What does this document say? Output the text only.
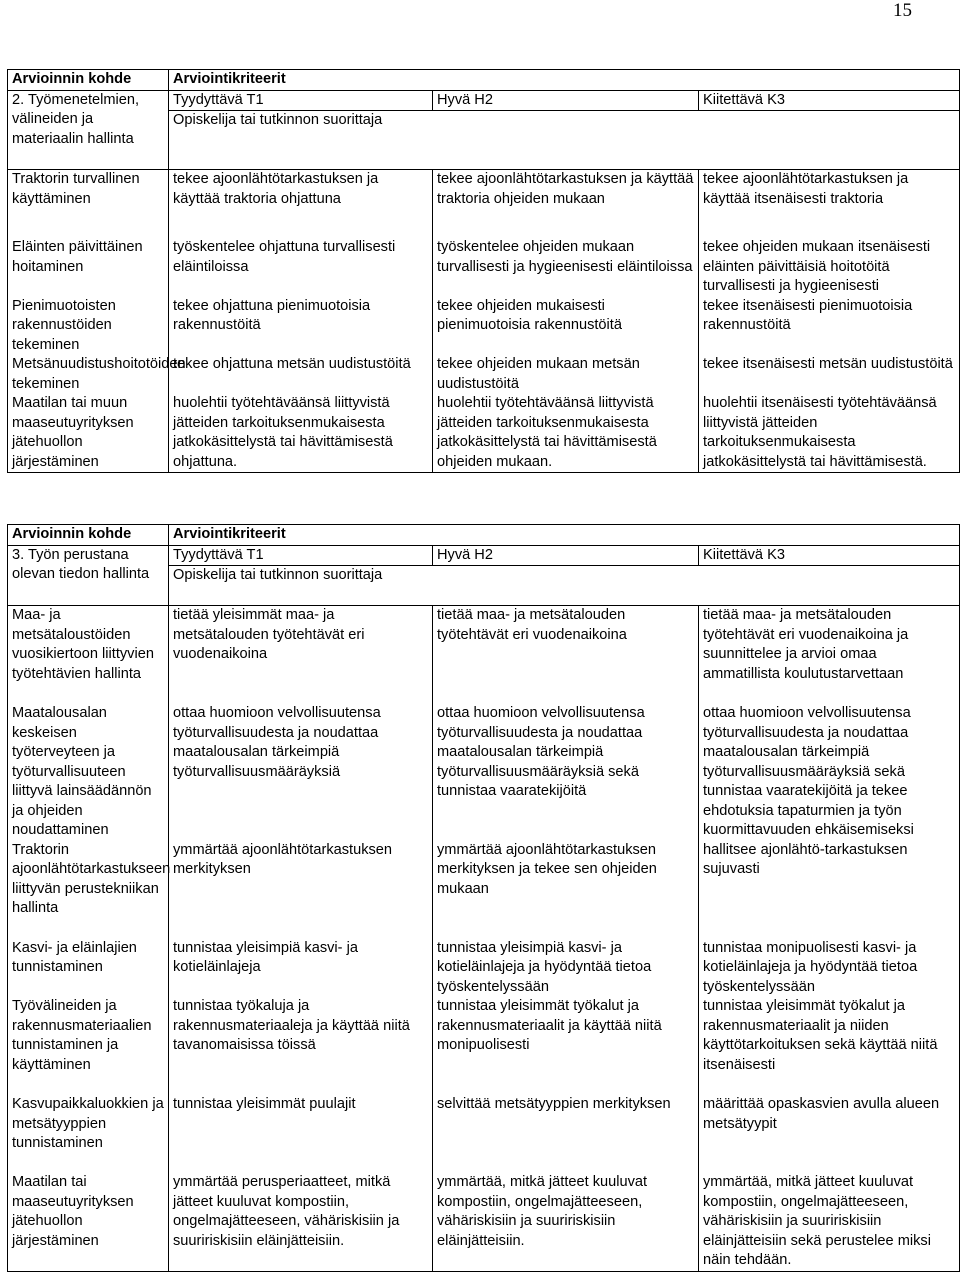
15
Arvioinnin kohde	Arviointikriteerit		
2. Työmenetelmien, välineiden ja materiaalin hallinta	Tyydyttävä T1	Hyvä H2	Kiitettävä K3
	Opiskelija tai tutkinnon suorittaja		
Traktorin turvallinen käyttäminen	tekee ajoonlähtötarkastuksen ja käyttää traktoria ohjattuna	tekee ajoonlähtötarkastuksen ja käyttää traktoria ohjeiden mukaan	tekee ajoonlähtötarkastuksen ja käyttää itsenäisesti traktoria

Eläinten päivittäinen hoitaminen	työskentelee ohjattuna turvallisesti eläintiloissa	työskentelee ohjeiden mukaan turvallisesti ja hygieenisesti eläintiloissa	tekee ohjeiden mukaan itsenäisesti eläinten päivittäisiä hoitotöitä turvallisesti ja hygieenisesti
Pienimuotoisten rakennustöiden tekeminen	tekee ohjattuna pienimuotoisia rakennustöitä	tekee ohjeiden mukaisesti pienimuotoisia rakennustöitä	tekee itsenäisesti pienimuotoisia rakennustöitä
Metsänuudistushoitotöiden tekeminen	tekee ohjattuna metsän uudistustöitä	tekee ohjeiden mukaan metsän uudistustöitä	tekee itsenäisesti metsän uudistustöitä
Maatilan tai muun maaseutuyrityksen jätehuollon järjestäminen	huolehtii työtehtäväänsä liittyvistä jätteiden tarkoituksenmukaisesta jatkokäsittelystä tai hävittämisestä ohjattuna.	huolehtii työtehtäväänsä liittyvistä jätteiden tarkoituksenmukaisesta jatkokäsittelystä tai hävittämisestä ohjeiden mukaan.	huolehtii itsenäisesti työtehtäväänsä liittyvistä jätteiden tarkoituksenmukaisesta jatkokäsittelystä tai hävittämisestä.
Arvioinnin kohde	Arviointikriteerit		
3. Työn perustana olevan tiedon hallinta	Tyydyttävä T1	Hyvä H2	Kiitettävä K3
	Opiskelija tai tutkinnon suorittaja		
Maa- ja metsätaloustöiden vuosikiertoon liittyvien työtehtävien hallinta	tietää yleisimmät maa- ja metsätalouden työtehtävät eri vuodenaikoina	tietää maa- ja metsätalouden työtehtävät eri vuodenaikoina	tietää maa- ja metsätalouden työtehtävät eri vuodenaikoina ja suunnittelee ja arvioi omaa ammatillista koulutustarvettaan
Maatalousalan keskeisen työterveyteen ja työturvallisuuteen liittyvä lainsäädännön ja ohjeiden noudattaminen	ottaa huomioon velvollisuutensa työturvallisuudesta ja noudattaa maatalousalan tärkeimpiä työturvallisuusmääräyksiä	ottaa huomioon velvollisuutensa työturvallisuudesta ja noudattaa maatalousalan tärkeimpiä työturvallisuusmääräyksiä sekä tunnistaa vaaratekijöitä	ottaa huomioon velvollisuutensa työturvallisuudesta ja noudattaa maatalousalan tärkeimpiä työturvallisuusmääräyksiä sekä tunnistaa vaaratekijöitä ja tekee ehdotuksia tapaturmien ja työn kuormittavuuden ehkäisemiseksi
Traktorin ajoonlähtötarkastukseen liittyvän perustekniikan hallinta	ymmärtää ajoonlähtötarkastuksen merkityksen	ymmärtää ajoonlähtötarkastuksen merkityksen ja tekee sen ohjeiden mukaan	hallitsee ajonlähtö-tarkastuksen sujuvasti
Kasvi- ja eläinlajien tunnistaminen	tunnistaa yleisimpiä kasvi- ja kotieläinlajeja	tunnistaa yleisimpiä kasvi- ja kotieläinlajeja ja hyödyntää tietoa työskentelyssään	tunnistaa monipuolisesti kasvi- ja kotieläinlajeja ja hyödyntää tietoa työskentelyssään
Työvälineiden ja rakennusmateriaalien tunnistaminen ja käyttäminen	tunnistaa työkaluja ja rakennusmateriaaleja ja käyttää niitä tavanomaisissa töissä	tunnistaa yleisimmät työkalut ja rakennusmateriaalit ja käyttää niitä monipuolisesti	tunnistaa yleisimmät työkalut ja rakennusmateriaalit ja niiden käyttötarkoituksen sekä käyttää niitä itsenäisesti
Kasvupaikkaluokkien ja metsätyyppien tunnistaminen	tunnistaa yleisimmät puulajit	selvittää metsätyyppien merkityksen	määrittää opaskasvien avulla alueen metsätyypit
Maatilan tai maaseutuyrityksen jätehuollon järjestäminen	ymmärtää perusperiaatteet, mitkä jätteet kuuluvat kompostiin, ongelmajätteeseen, vähäriskisiin ja suuririskisiin eläinjätteisiin.	ymmärtää, mitkä jätteet kuuluvat kompostiin, ongelmajätteeseen, vähäriskisiin ja suuririskisiin eläinjätteisiin.	ymmärtää, mitkä jätteet kuuluvat kompostiin, ongelmajätteeseen, vähäriskisiin ja suuririskisiin eläinjätteisiin sekä perustelee miksi näin tehdään.
